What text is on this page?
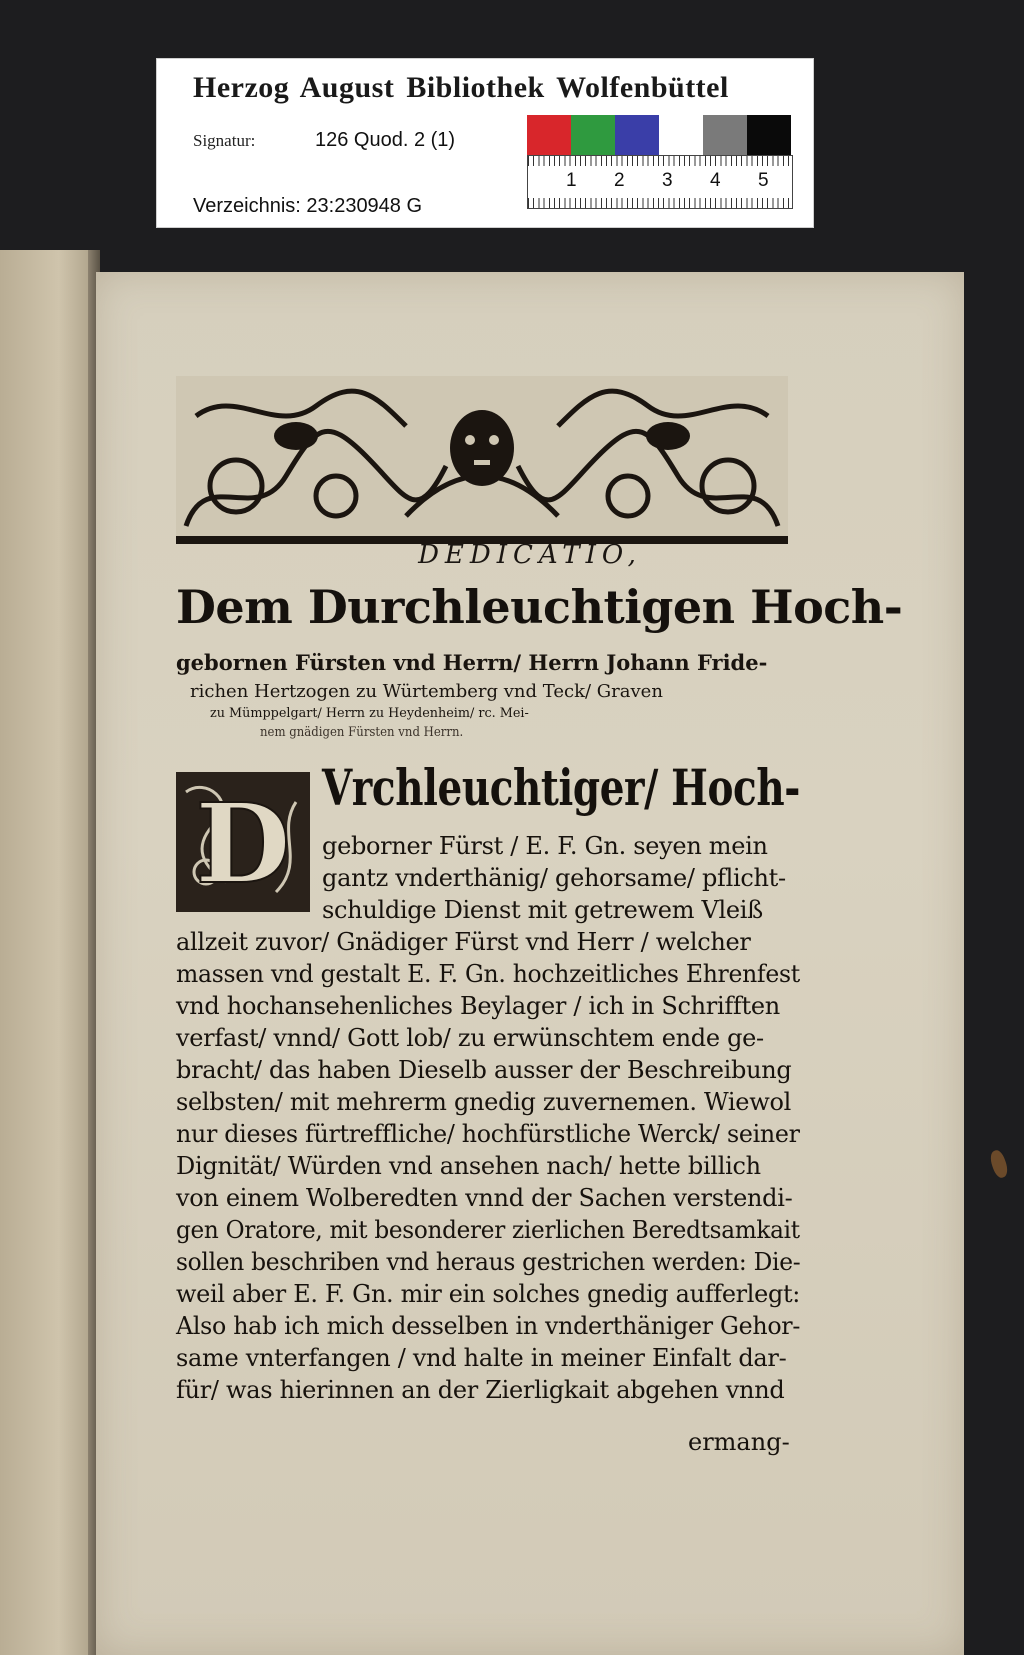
Herzog August Bibliothek Wolfenbüttel
Signatur:	126 Quod. 2 (1)
Verzeichnis: 23:230948 G
1 2 3 4 5
DEDICATIO,
Dem Durchleuchtigen Hoch-
gebornen Fürsten vnd Herrn/ Herrn Johann Fride-
richen Hertzogen zu Würtemberg vnd Teck/ Graven
zu Mümppelgart/ Herrn zu Heydenheim/ rc. Mei-
nem gnädigen Fürsten vnd Herrn.
D Vrchleuchtiger/ Hoch-
geborner Fürst / E. F. Gn. seyen mein
gantz vnderthänig/ gehorsame/ pflicht-
schuldige Dienst mit getrewem Vleiß
allzeit zuvor/ Gnädiger Fürst vnd Herr / welcher
massen vnd gestalt E. F. Gn. hochzeitliches Ehrenfest
vnd hochansehenliches Beylager / ich in Schrifften
verfast/ vnnd/ Gott lob/ zu erwünschtem ende ge-
bracht/ das haben Dieselb ausser der Beschreibung
selbsten/ mit mehrerm gnedig zuvernemen. Wiewol
nur dieses fürtreffliche/ hochfürstliche Werck/ seiner
Dignität/ Würden vnd ansehen nach/ hette billich
von einem Wolberedten vnnd der Sachen verstendi-
gen Oratore, mit besonderer zierlichen Beredtsamkait
sollen beschriben vnd heraus gestrichen werden: Die-
weil aber E. F. Gn. mir ein solches gnedig aufferlegt:
Also hab ich mich desselben in vnderthäniger Gehor-
same vnterfangen / vnd halte in meiner Einfalt dar-
für/ was hierinnen an der Zierligkait abgehen vnnd
ermang-
